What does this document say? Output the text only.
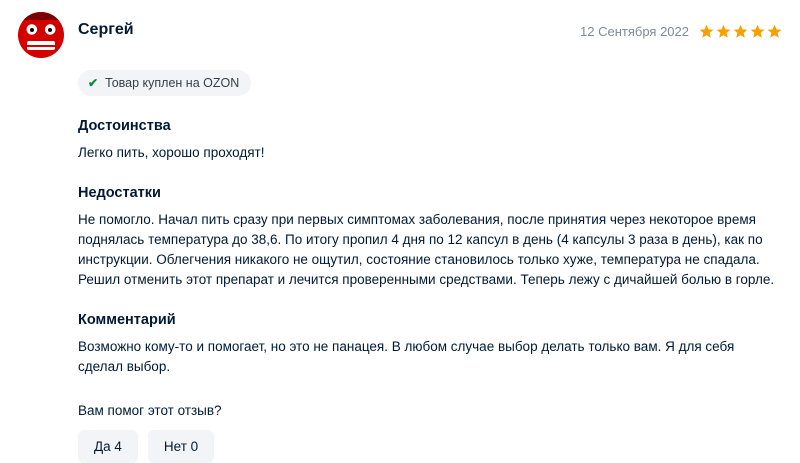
Сергей	12 Сентября 2022
✔ Товар куплен на OZON
Достоинства

Легко пить, хорошо проходят!

Недостатки

Не помогло. Начал пить сразу при первых симптомах заболевания, после принятия через некоторое время поднялась температура до 38,6. По итогу пропил 4 дня по 12 капсул в день (4 капсулы 3 раза в день), как по инструкции. Облегчения никакого не ощутил, состояние становилось только хуже, температура не спадала. Решил отменить этот препарат и лечится проверенными средствами. Теперь лежу с дичайшей болью в горле.

Комментарий

Возможно кому-то и помогает, но это не панацея. В любом случае выбор делать только вам. Я для себя сделал выбор.

Вам помог этот отзыв?

Да 4	Нет 0
